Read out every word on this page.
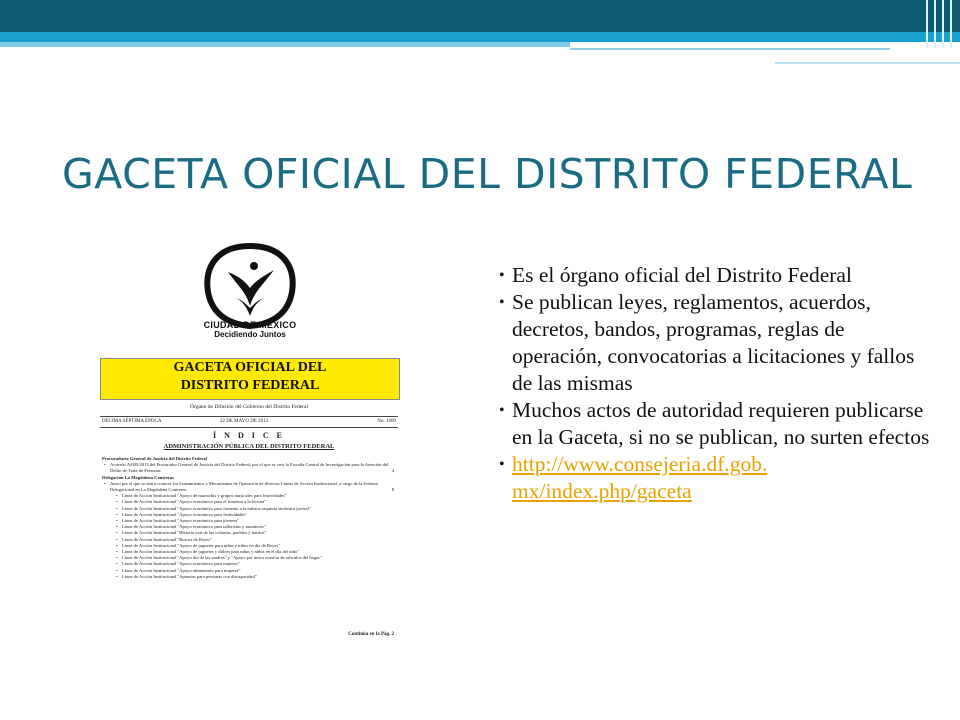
GACETA OFICIAL DEL DISTRITO FEDERAL
CIUDAD DE MÉXICO
Decidiendo Juntos
GACETA OFICIAL DEL
DISTRITO FEDERAL
Órgano de Difusión del Gobierno del Distrito Federal
DÉCIMA SÉPTIMA ÉPOCA	22 DE MAYO DE 2013	No. 1609
Í N D I C E
ADMINISTRACIÓN PÚBLICA DEL DISTRITO FEDERAL
Procuraduría General de Justicia del Distrito Federal
• Acuerdo A/005/2013 del Procurador General de Justicia del Distrito Federal, por el que se crea la Fiscalía Central de Investigación para la Atención del Delito de Trata de Personas	4
Delegación La Magdalena Contreras
• Aviso por el que se dan a conocer los Lineamientos y Mecanismos de Operación de diversas Líneas de Acción Institucional, a cargo de la Jefatura Delegacional en La Magdalena Contreras	8
• Línea de Acción Institucional "Apoyo de mariachis y grupos musicales para festividades"
• Línea de Acción Institucional "Apoyo económico para el fomento a la lectura"
• Línea de Acción Institucional "Apoyo económico para fomento a la música orquesta sinfónica juvenil"
• Línea de Acción Institucional "Apoyo económico para festividades"
• Línea de Acción Institucional "Apoyo económico para jóvenes"
• Línea de Acción Institucional "Apoyo económico para talleristas y monitores"
• Línea de Acción Institucional "Historia oral de las colonias, pueblos y barrios"
• Línea de Acción Institucional "Roscas de Reyes"
• Línea de Acción Institucional "Apoyo de juguetes para niñas y niños en día de Reyes"
• Línea de Acción Institucional "Apoyo de juguetes y dulces para niñas y niños en el día del niño"
• Línea de Acción Institucional "Apoyo día de las madres" y "Apoyo por única ocasión de artículos del hogar"
• Línea de Acción Institucional "Apoyo económico para mujeres"
• Línea de Acción Institucional "Apoyo alimentario para mujeres"
• Línea de Acción Institucional "Aparatos para personas con discapacidad"
Continúa en la Pág. 2
• Es el órgano oficial del Distrito Federal
• Se publican leyes, reglamentos, acuerdos, decretos, bandos, programas, reglas de operación, convocatorias a licitaciones y fallos de las mismas
• Muchos actos de autoridad requieren publicarse en la Gaceta, si no se publican, no surten efectos
• http://www.consejeria.df.gob.
mx/index.php/gaceta
